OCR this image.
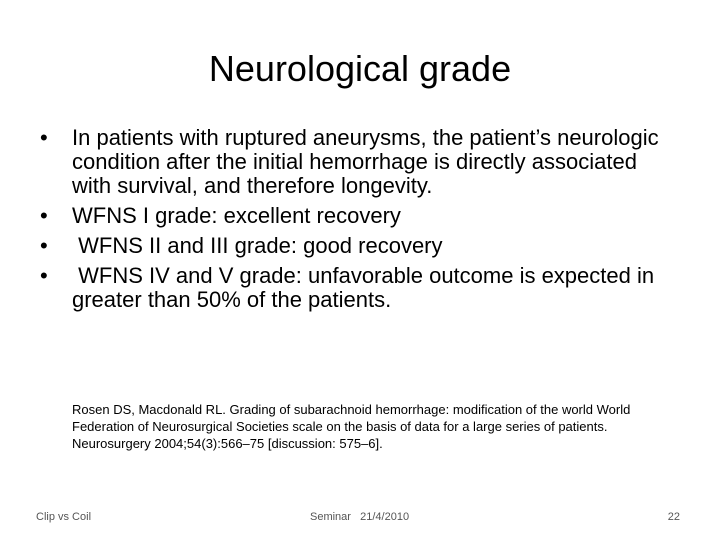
Neurological grade
• In patients with ruptured aneurysms, the patient’s neurologic condition after the initial hemorrhage is directly associated with survival, and therefore longevity.
• WFNS I grade: excellent recovery
•  WFNS II and III grade: good recovery
•  WFNS IV and V grade: unfavorable outcome is expected in greater than 50% of the patients.
Rosen DS, Macdonald RL. Grading of subarachnoid hemorrhage: modification of the world World Federation of Neurosurgical Societies scale on the basis of data for a large series of patients. Neurosurgery 2004;54(3):566–75 [discussion: 575–6].
Clip vs Coil	Seminar   21/4/2010	22
